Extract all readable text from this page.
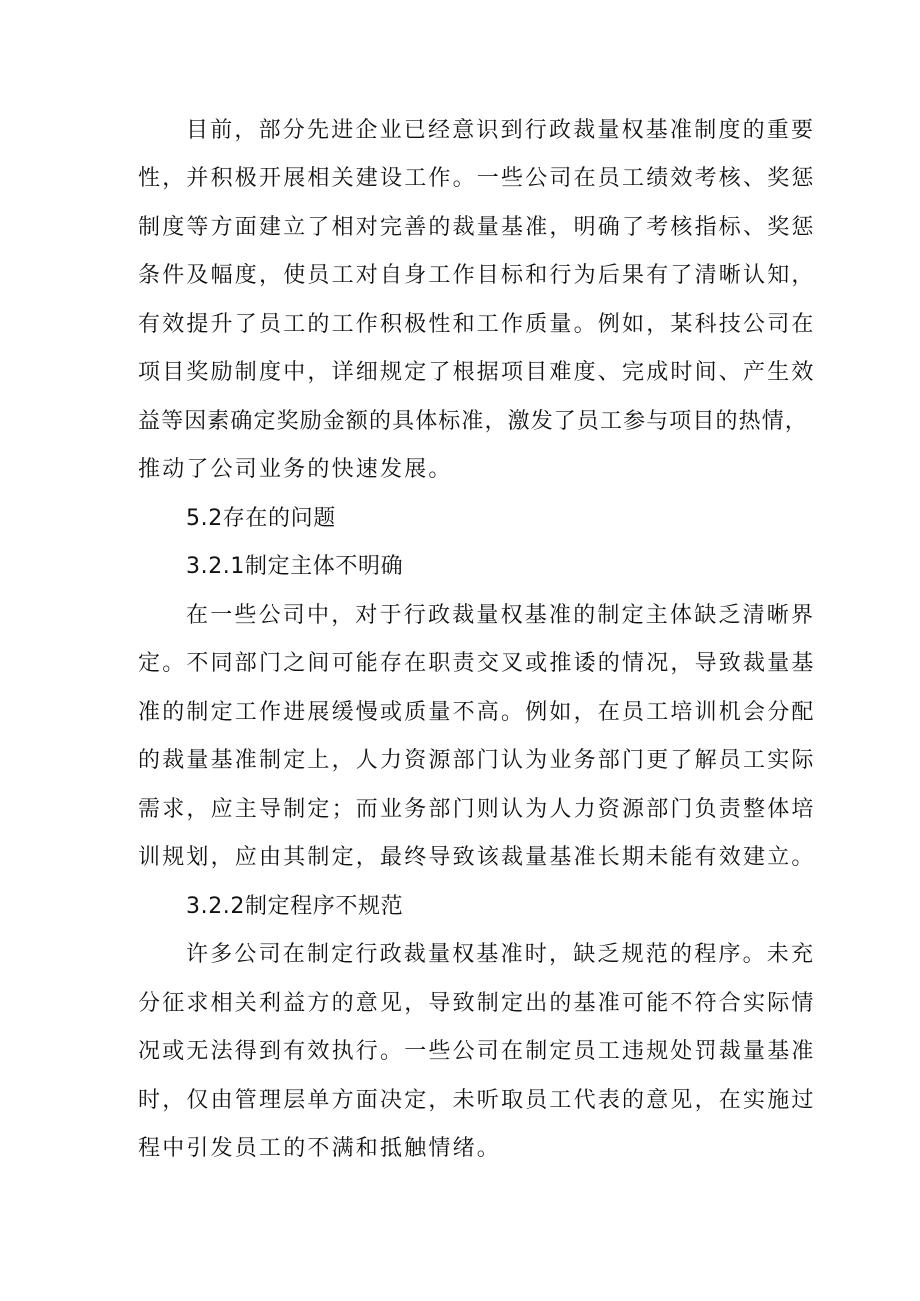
目前，部分先进企业已经意识到行政裁量权基准制度的重要
性，并积极开展相关建设工作。一些公司在员工绩效考核、奖惩
制度等方面建立了相对完善的裁量基准，明确了考核指标、奖惩
条件及幅度，使员工对自身工作目标和行为后果有了清晰认知，
有效提升了员工的工作积极性和工作质量。例如，某科技公司在
项目奖励制度中，详细规定了根据项目难度、完成时间、产生效
益等因素确定奖励金额的具体标准，激发了员工参与项目的热情，
推动了公司业务的快速发展。
5.2存在的问题
3.2.1制定主体不明确
在一些公司中，对于行政裁量权基准的制定主体缺乏清晰界
定。不同部门之间可能存在职责交叉或推诿的情况，导致裁量基
准的制定工作进展缓慢或质量不高。例如，在员工培训机会分配
的裁量基准制定上，人力资源部门认为业务部门更了解员工实际
需求，应主导制定；而业务部门则认为人力资源部门负责整体培
训规划，应由其制定，最终导致该裁量基准长期未能有效建立。
3.2.2制定程序不规范
许多公司在制定行政裁量权基准时，缺乏规范的程序。未充
分征求相关利益方的意见，导致制定出的基准可能不符合实际情
况或无法得到有效执行。一些公司在制定员工违规处罚裁量基准
时，仅由管理层单方面决定，未听取员工代表的意见，在实施过
程中引发员工的不满和抵触情绪。
